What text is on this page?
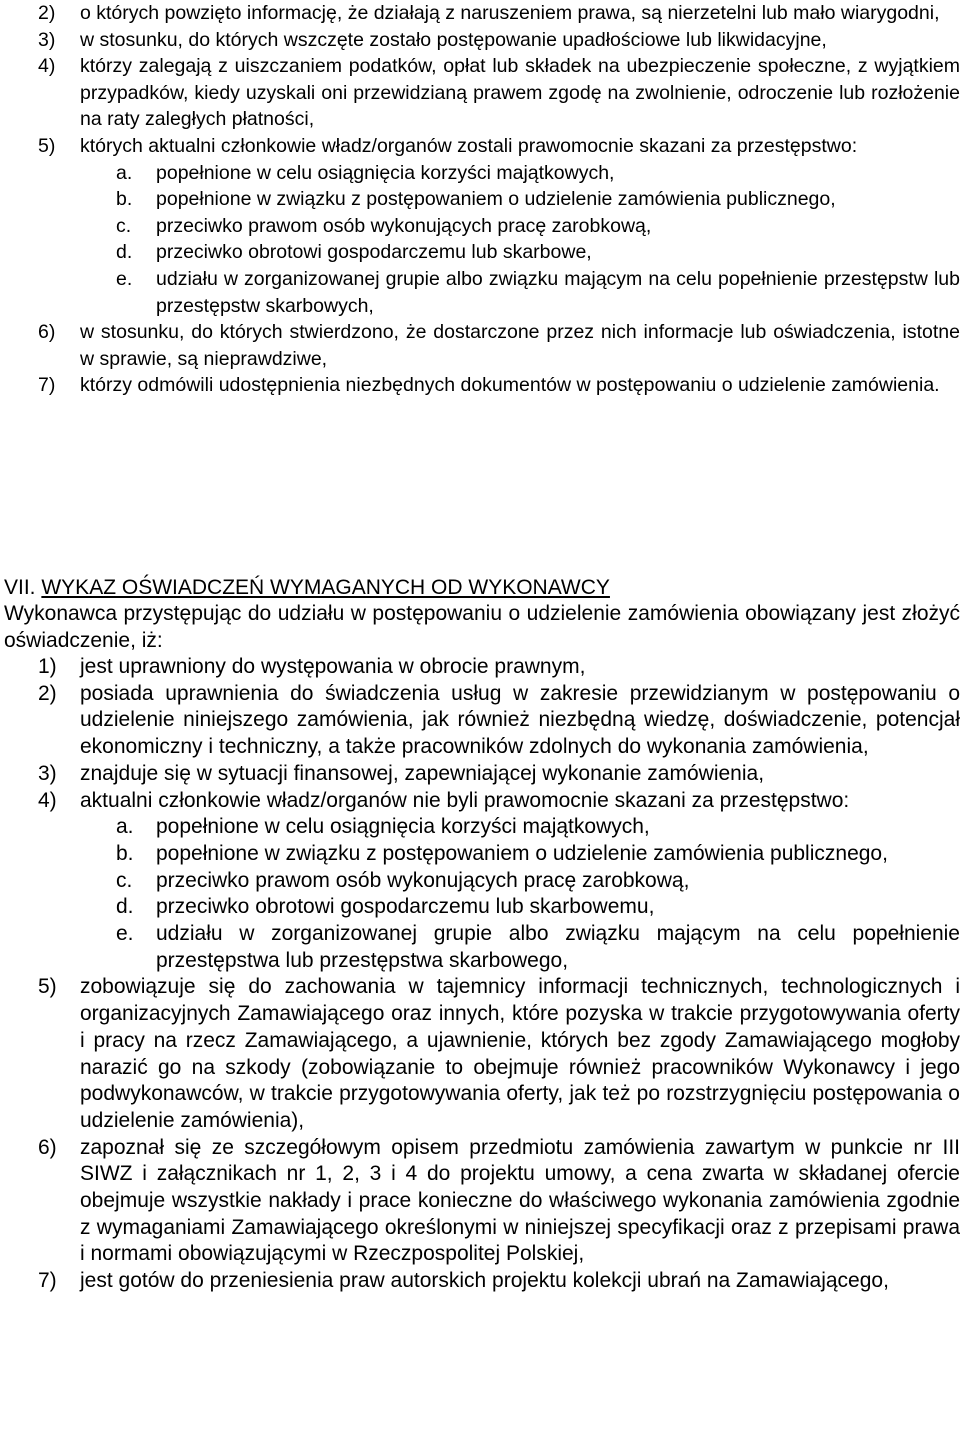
2) o których powzięto informację, że działają z naruszeniem prawa, są nierzetelni lub mało wiarygodni,
3) w stosunku, do których wszczęte zostało postępowanie upadłościowe lub likwidacyjne,
4) którzy zalegają z uiszczaniem podatków, opłat lub składek na ubezpieczenie społeczne, z wyjątkiem przypadków, kiedy uzyskali oni przewidzianą prawem zgodę na zwolnienie, odroczenie lub rozłożenie na raty zaległych płatności,
5) których aktualni członkowie władz/organów zostali prawomocnie skazani za przestępstwo:
a. popełnione w celu osiągnięcia korzyści majątkowych,
b. popełnione w związku z postępowaniem o udzielenie zamówienia publicznego,
c. przeciwko prawom osób wykonujących pracę zarobkową,
d. przeciwko obrotowi gospodarczemu lub skarbowe,
e. udziału w zorganizowanej grupie albo związku mającym na celu popełnienie przestępstw lub przestępstw skarbowych,
6) w stosunku, do których stwierdzono, że dostarczone przez nich informacje lub oświadczenia, istotne w sprawie, są nieprawdziwe,
7) którzy odmówili udostępnienia niezbędnych dokumentów w postępowaniu o udzielenie zamówienia.
VII. WYKAZ OŚWIADCZEŃ WYMAGANYCH OD WYKONAWCY
Wykonawca przystępując do udziału w postępowaniu o udzielenie zamówienia obowiązany jest złożyć oświadczenie, iż:
1) jest uprawniony do występowania w obrocie prawnym,
2) posiada uprawnienia do świadczenia usług w zakresie przewidzianym w postępowaniu o udzielenie niniejszego zamówienia, jak również niezbędną wiedzę, doświadczenie, potencjał ekonomiczny i techniczny, a także pracowników zdolnych do wykonania zamówienia,
3) znajduje się w sytuacji finansowej, zapewniającej wykonanie zamówienia,
4) aktualni członkowie władz/organów nie byli prawomocnie skazani za przestępstwo:
a. popełnione w celu osiągnięcia korzyści majątkowych,
b. popełnione w związku z postępowaniem o udzielenie zamówienia publicznego,
c. przeciwko prawom osób wykonujących pracę zarobkową,
d. przeciwko obrotowi gospodarczemu lub skarbowemu,
e. udziału w zorganizowanej grupie albo związku mającym na celu popełnienie przestępstwa lub przestępstwa skarbowego,
5) zobowiązuje się do zachowania w tajemnicy informacji technicznych, technologicznych i organizacyjnych Zamawiającego oraz innych, które pozyska w trakcie przygotowywania oferty i pracy na rzecz Zamawiającego, a ujawnienie, których bez zgody Zamawiającego mogłoby narazić go na szkody (zobowiązanie to obejmuje również pracowników Wykonawcy i jego podwykonawców, w trakcie przygotowywania oferty, jak też po rozstrzygnięciu postępowania o udzielenie zamówienia),
6) zapoznał się ze szczegółowym opisem przedmiotu zamówienia zawartym w punkcie nr III SIWZ i załącznikach nr 1, 2, 3 i 4 do projektu umowy, a cena zwarta w składanej ofercie obejmuje wszystkie nakłady i prace konieczne do właściwego wykonania zamówienia zgodnie z wymaganiami Zamawiającego określonymi w niniejszej specyfikacji oraz z przepisami prawa i normami obowiązującymi w Rzeczpospolitej Polskiej,
7) jest gotów do przeniesienia praw autorskich projektu kolekcji ubrań na Zamawiającego,
